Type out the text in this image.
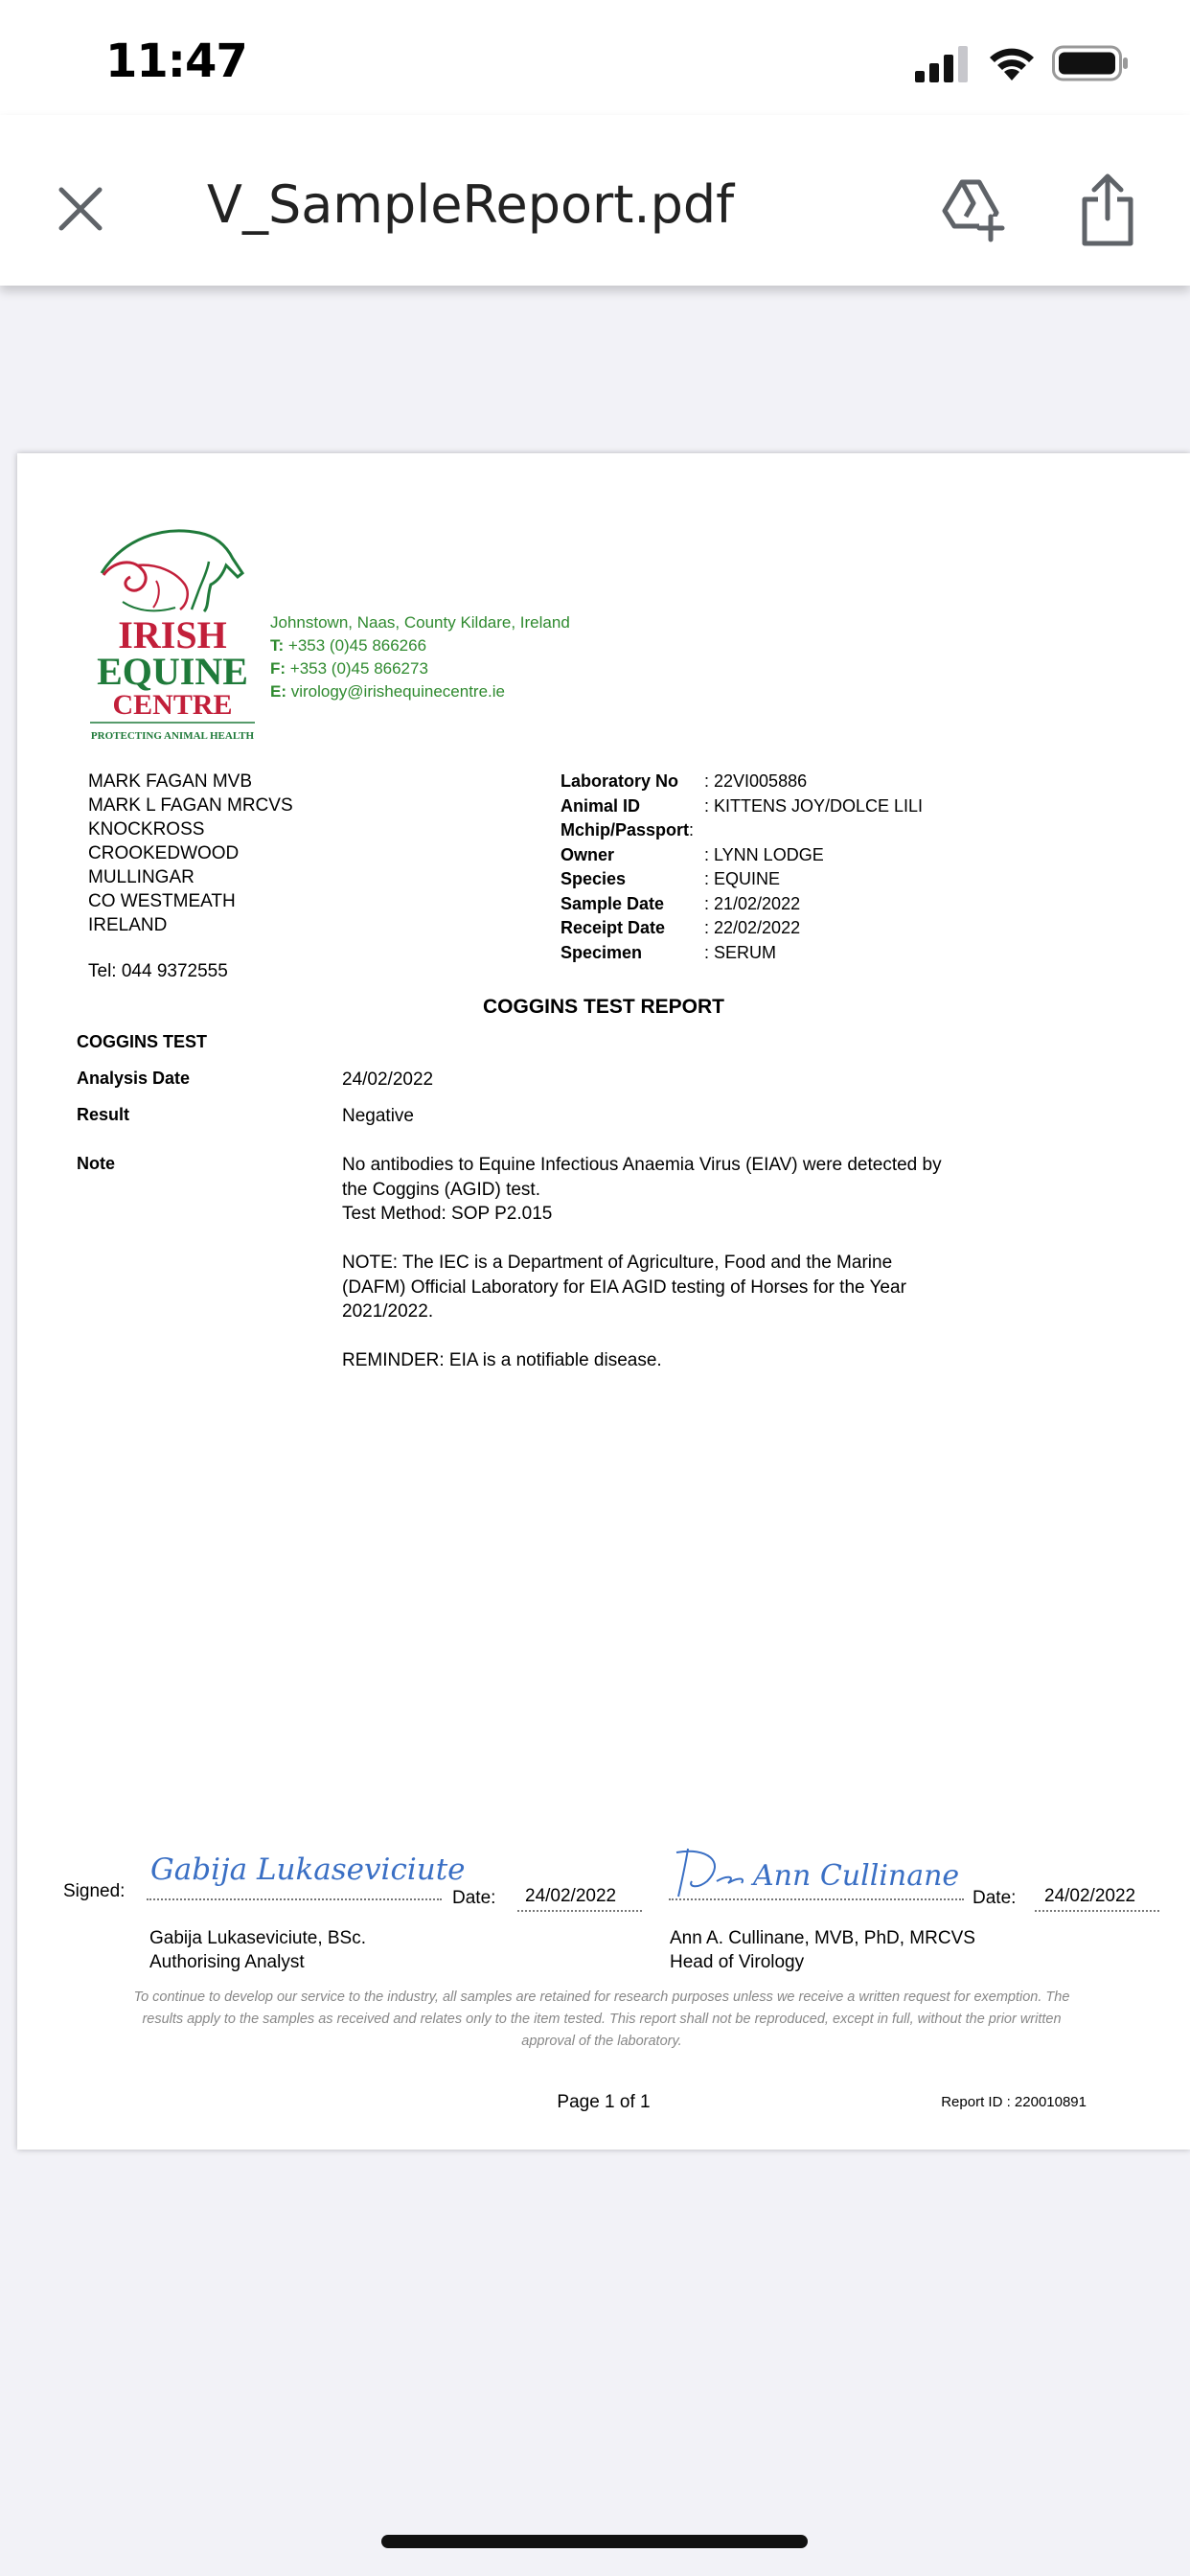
11:47
V_SampleReport.pdf
IRISH
EQUINE
CENTRE
PROTECTING ANIMAL HEALTH
Johnstown, Naas, County Kildare, Ireland
T: +353 (0)45 866266
F: +353 (0)45 866273
E: virology@irishequinecentre.ie
MARK FAGAN MVB
MARK L FAGAN MRCVS
KNOCKROSS
CROOKEDWOOD
MULLINGAR
CO WESTMEATH
IRELAND
Tel: 044 9372555
Laboratory No	: 22VI005886
Animal ID	: KITTENS JOY/DOLCE LILI
Mchip/Passport :
Owner	: LYNN LODGE
Species	: EQUINE
Sample Date	: 21/02/2022
Receipt Date	: 22/02/2022
Specimen	: SERUM
COGGINS TEST REPORT
COGGINS TEST
Analysis Date	24/02/2022
Result	Negative
Note	No antibodies to Equine Infectious Anaemia Virus (EIAV) were detected by the Coggins (AGID) test.
Test Method: SOP P2.015

NOTE: The IEC is a Department of Agriculture, Food and the Marine (DAFM) Official Laboratory for EIA AGID testing of Horses for the Year 2021/2022.

REMINDER: EIA is a notifiable disease.

Signed:
Gabija Lukaseviciute
Date: 24/02/2022
Ann Cullinane
Date: 24/02/2022
Gabija Lukaseviciute, BSc.
Authorising Analyst
Ann A. Cullinane, MVB, PhD, MRCVS
Head of Virology
To continue to develop our service to the industry, all samples are retained for research purposes unless we receive a written request for exemption. The results apply to the samples as received and relates only to the item tested. This report shall not be reproduced, except in full, without the prior written approval of the laboratory.
Page 1 of 1	Report ID : 220010891
